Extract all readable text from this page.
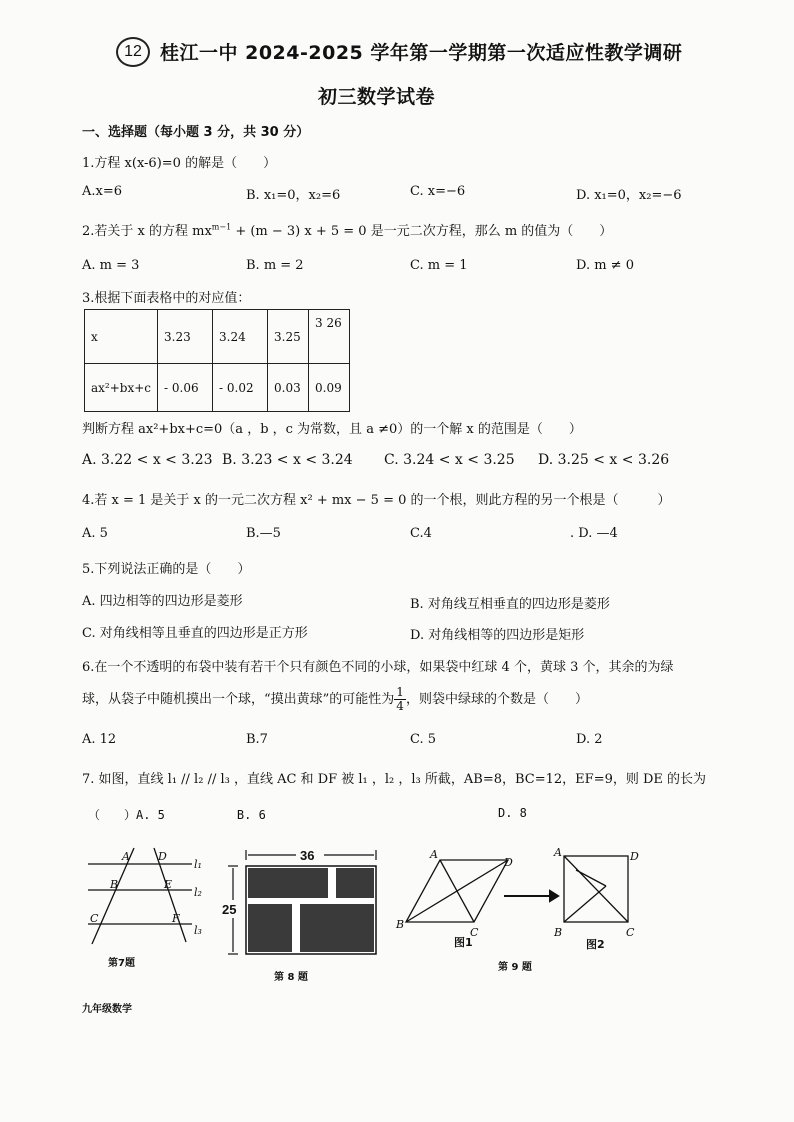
12 桂江一中 2024-2025 学年第一学期第一次适应性教学调研
初三数学试卷
一、选择题（每小题 3 分，共 30 分）
1.方程 x(x-6)=0 的解是（　　）
A.x=6	B. x₁=0，x₂=6	C. x=−6	D. x₁=0，x₂=−6
2.若关于 x 的方程 $mx^{m-1} + (m - 3) x + 5 = 0$ 是一元二次方程，那么 m 的值为（　　）
A. m = 3	B. m = 2	C. m = 1	D. m ≠ 0
3.根据下面表格中的对应值：
x	3.23	3.24	3.25	3 26
ax²+bx+c	- 0.06	- 0.02	0.03	0.09
判断方程 ax²+bx+c=0（a ，b ，c 为常数，且 a ≠0）的一个解 x 的范围是（　　）
A. 3.22 < x < 3.23 B. 3.23 < x < 3.24 C. 3.24 < x < 3.25 D. 3.25 < x < 3.26
4.若 x = 1 是关于 x 的一元二次方程 x² + mx − 5 = 0 的一个根，则此方程的另一个根是（　　　）
A. 5	B.—5	C.4	. D. —4
5.下列说法正确的是（　　）
A. 四边相等的四边形是菱形	B. 对角线互相垂直的四边形是菱形
C. 对角线相等且垂直的四边形是正方形	D. 对角线相等的四边形是矩形
6.在一个不透明的布袋中装有若干个只有颜色不同的小球，如果袋中红球 4 个，黄球 3 个，其余的为绿
球，从袋子中随机摸出一个球，“摸出黄球”的可能性为 $\frac{1}{4}$ ，则袋中绿球的个数是（　　）
A. 12	B.7	C. 5	D. 2
7. 如图，直线 l₁ // l₂ // l₃ ，直线 AC 和 DF 被 l₁ ，l₂ ，l₃ 所截，AB=8，BC=12，EF=9，则 DE 的长为
（　　）A. 5　　　　　　B. 6	D. 8
A	D
l₁
B	E
l₂
C	F
l₃
第7题
36
25
第 8 题
A
D
B
C
A	D
B	C
图1	图2
第 9 题
九年级数学
